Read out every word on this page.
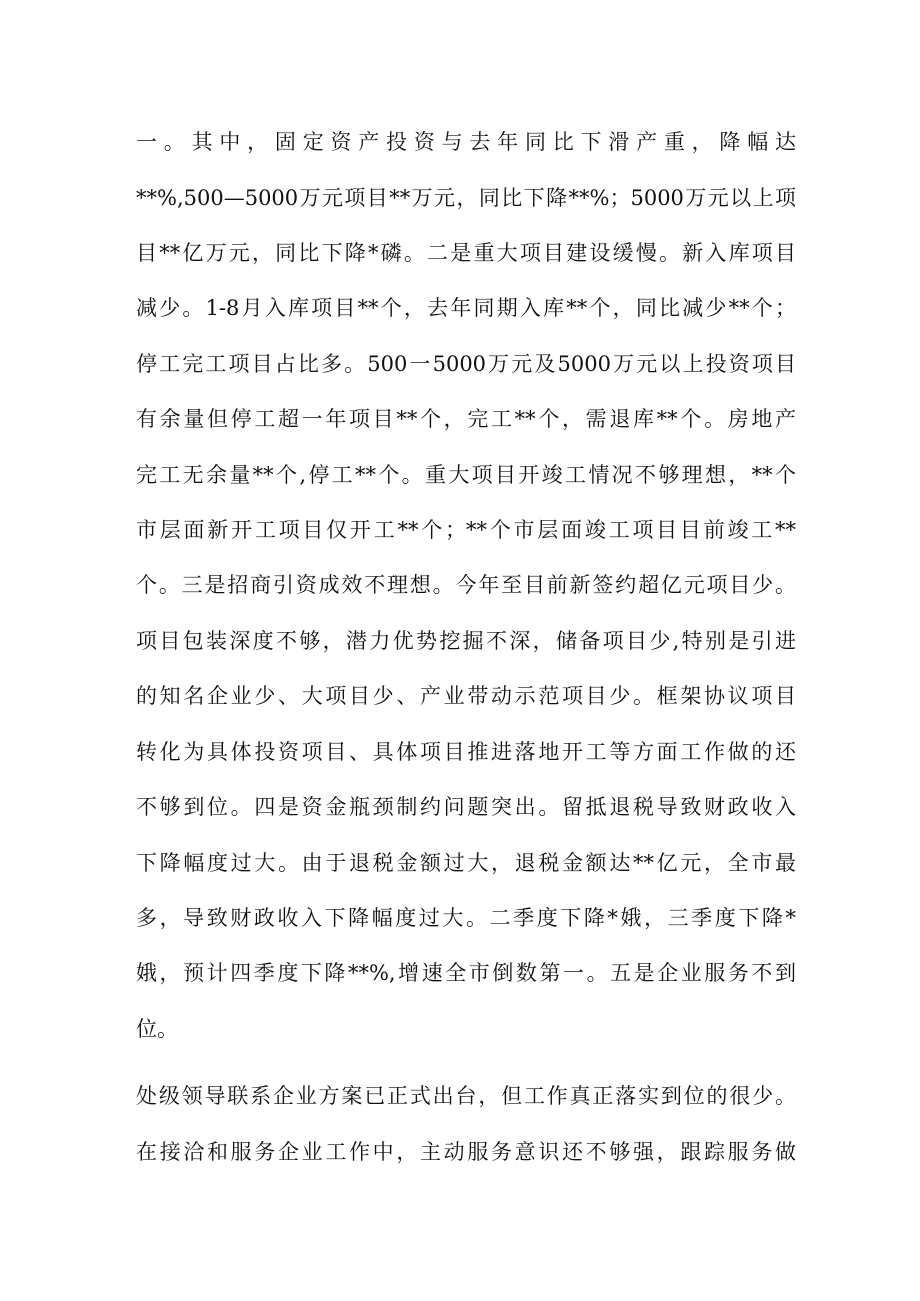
一。其中，固定资产投资与去年同比下滑产重，降幅达
**%,500—5000万元项目**万元，同比下降**%；5000万元以上项
目**亿万元，同比下降*磷。二是重大项目建设缓慢。新入库项目
减少。1-8月入库项目**个，去年同期入库**个，同比减少**个；
停工完工项目占比多。500一5000万元及5000万元以上投资项目
有余量但停工超一年项目**个，完工**个，需退库**个。房地产
完工无余量**个,停工**个。重大项目开竣工情况不够理想，**个
市层面新开工项目仅开工**个；**个市层面竣工项目目前竣工**
个。三是招商引资成效不理想。今年至目前新签约超亿元项目少。
项目包装深度不够，潜力优势挖掘不深，储备项目少,特别是引进
的知名企业少、大项目少、产业带动示范项目少。框架协议项目
转化为具体投资项目、具体项目推进落地开工等方面工作做的还
不够到位。四是资金瓶颈制约问题突出。留抵退税导致财政收入
下降幅度过大。由于退税金额过大，退税金额达**亿元，全市最
多，导致财政收入下降幅度过大。二季度下降*娥，三季度下降*
娥，预计四季度下降**%,增速全市倒数第一。五是企业服务不到
位。
处级领导联系企业方案已正式出台，但工作真正落实到位的很少。
在接洽和服务企业工作中，主动服务意识还不够强，跟踪服务做
